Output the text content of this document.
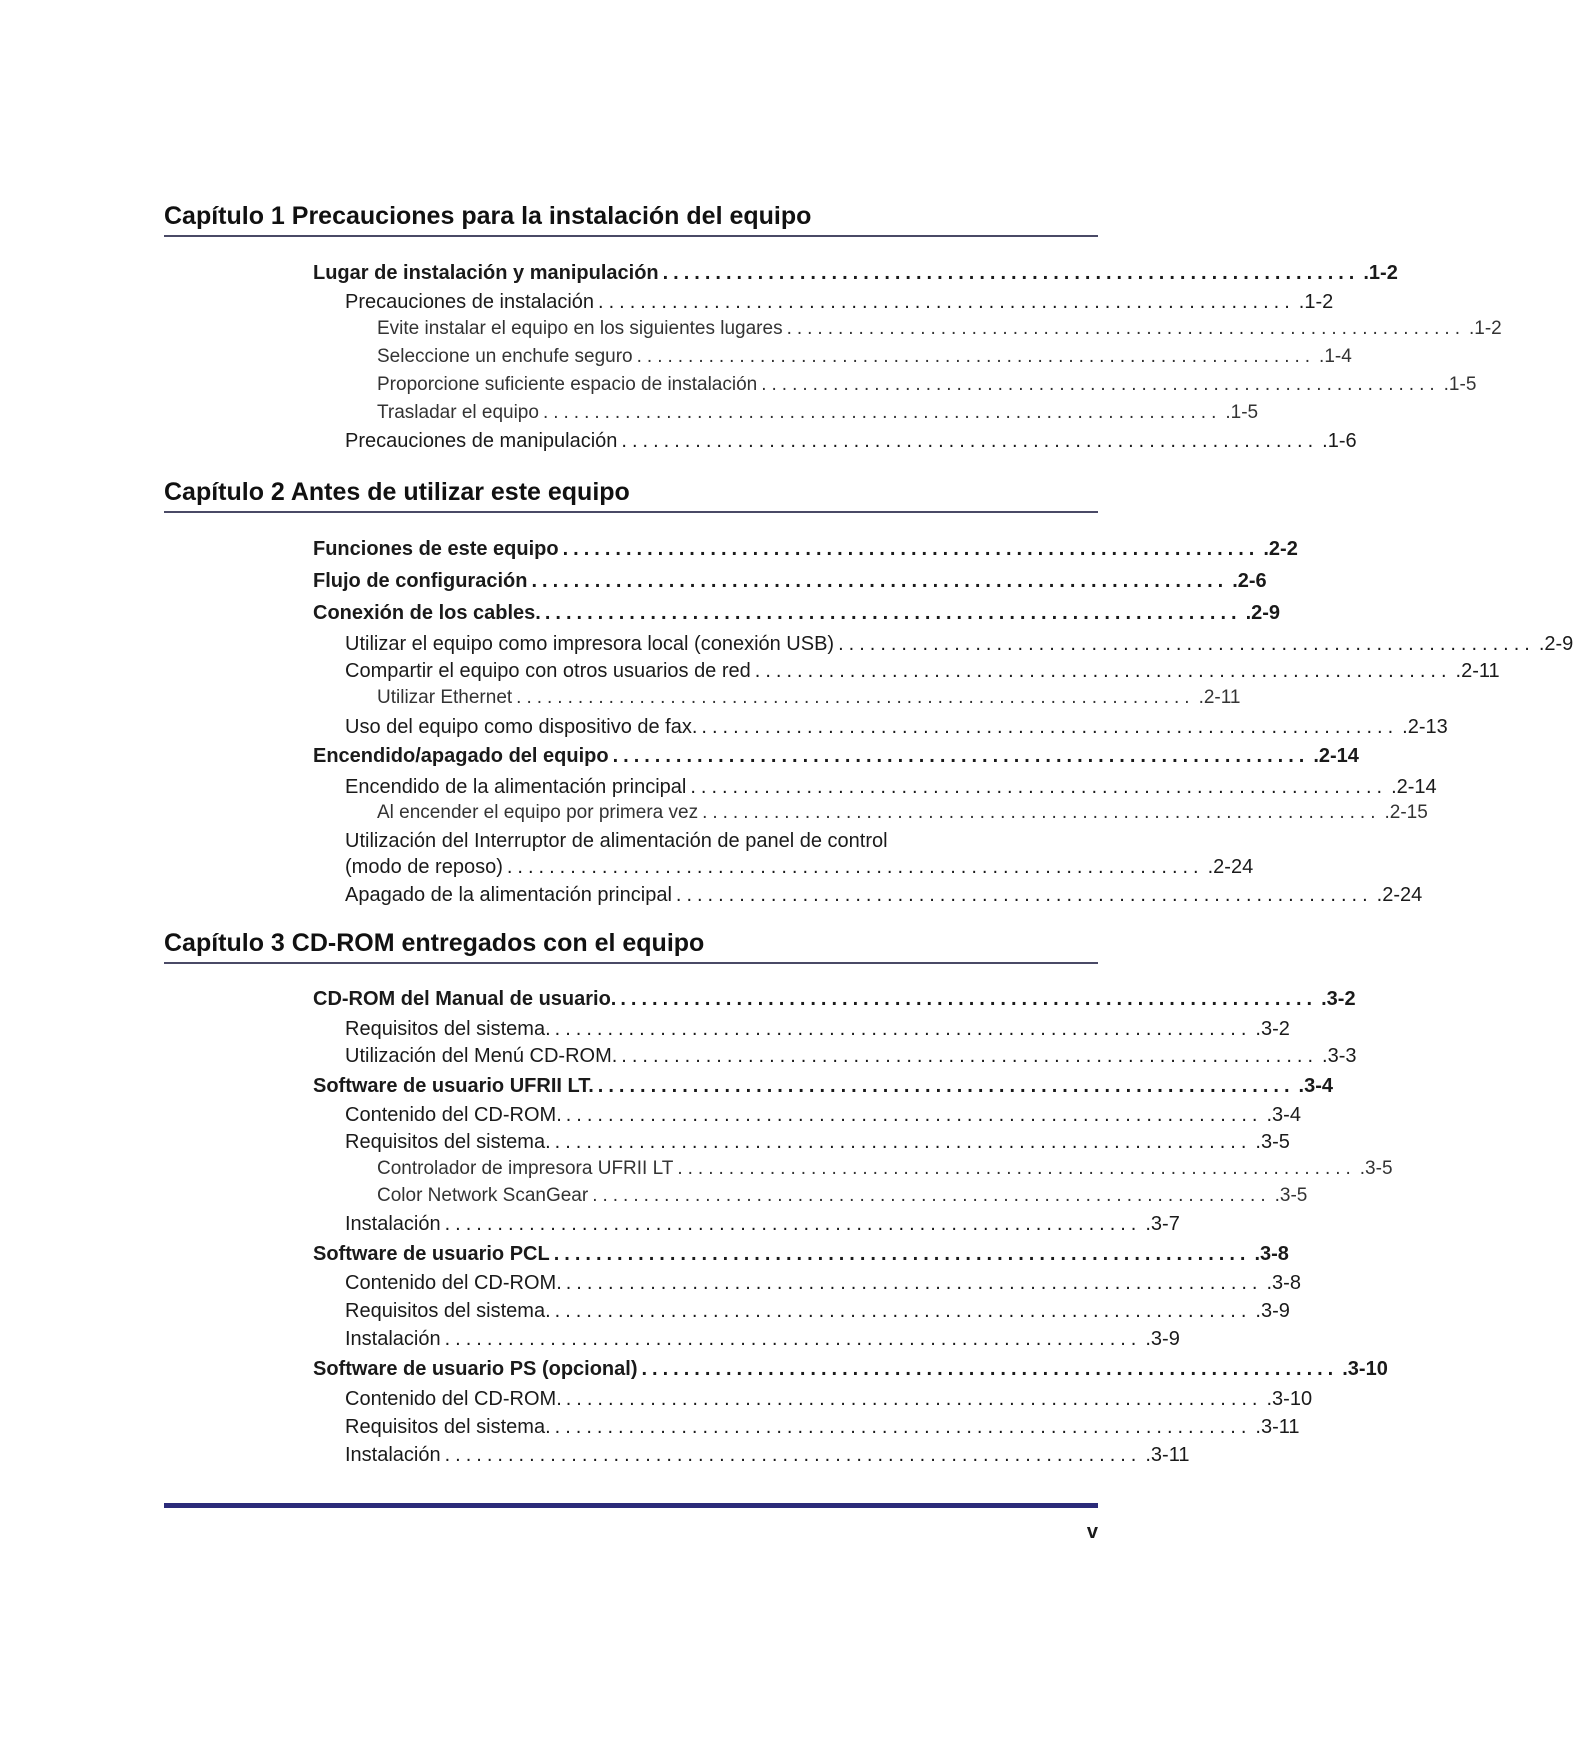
Capítulo 1 Precauciones para la instalación del equipo
Lugar de instalación y manipulación .................................................................. .1-2
Precauciones de instalación .................................................................. .1-2
Evite instalar el equipo en los siguientes lugares .................................................................. .1-2
Seleccione un enchufe seguro .................................................................. .1-4
Proporcione suficiente espacio de instalación .................................................................. .1-5
Trasladar el equipo .................................................................. .1-5
Precauciones de manipulación .................................................................. .1-6
Capítulo 2 Antes de utilizar este equipo
Funciones de este equipo .................................................................. .2-2
Flujo de configuración .................................................................. .2-6
Conexión de los cables. .................................................................. .2-9
Utilizar el equipo como impresora local (conexión USB) .................................................................. .2-9
Compartir el equipo con otros usuarios de red .................................................................. .2-11
Utilizar Ethernet .................................................................. .2-11
Uso del equipo como dispositivo de fax. .................................................................. .2-13
Encendido/apagado del equipo .................................................................. .2-14
Encendido de la alimentación principal .................................................................. .2-14
Al encender el equipo por primera vez .................................................................. .2-15
Utilización del Interruptor de alimentación de panel de control
(modo de reposo) .................................................................. .2-24
Apagado de la alimentación principal .................................................................. .2-24
Capítulo 3 CD-ROM entregados con el equipo
CD-ROM del Manual de usuario. .................................................................. .3-2
Requisitos del sistema. .................................................................. .3-2
Utilización del Menú CD-ROM. .................................................................. .3-3
Software de usuario UFRII LT. .................................................................. .3-4
Contenido del CD-ROM. .................................................................. .3-4
Requisitos del sistema. .................................................................. .3-5
Controlador de impresora UFRII LT .................................................................. .3-5
Color Network ScanGear .................................................................. .3-5
Instalación .................................................................. .3-7
Software de usuario PCL .................................................................. .3-8
Contenido del CD-ROM. .................................................................. .3-8
Requisitos del sistema. .................................................................. .3-9
Instalación .................................................................. .3-9
Software de usuario PS (opcional) .................................................................. .3-10
Contenido del CD-ROM. .................................................................. .3-10
Requisitos del sistema. .................................................................. .3-11
Instalación .................................................................. .3-11
v
